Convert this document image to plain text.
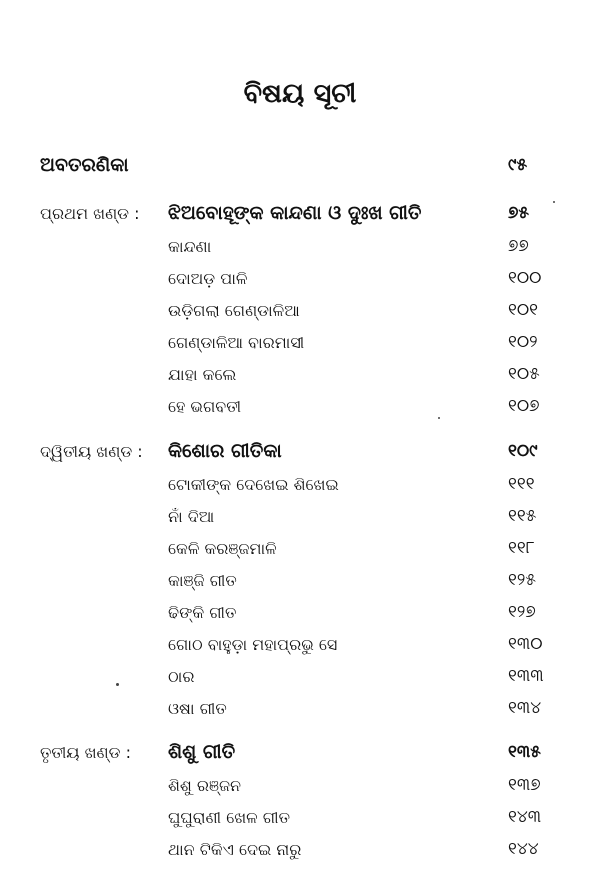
ବିଷୟ ସୂଚୀ
ଅବତରଣିକା	୯୫
ପ୍ରଥମ ଖଣ୍ଡ : ଝିଅବୋହୂଙ୍କ କାନ୍ଦଣା ଓ ଦୁଃଖ ଗୀତି	୭୫
କାନ୍ଦଣା	୭୭
ଦୋଅଡ଼ ପାଳି	୧୦୦
ଉଡ଼ିଗଲା ଗେଣ୍ଡାଳିଆ	୧୦୧
ଗେଣ୍ଡାଳିଆ ବାରମାସୀ	୧୦୨
ଯାହା କଲେ	୧୦୫
ହେ ଭଗବତୀ	୧୦୭
ଦ୍ୱିତୀୟ ଖଣ୍ଡ : କିଶୋର ଗୀତିକା	୧୦୯
ଟୋକୀଙ୍କ ଦେଖେଇ ଶିଖେଇ	୧୧୧
ନାଁ ଦିଆ	୧୧୫
କେଳି କରଞ୍ଜମାଳି	୧୧୮
କାଞ୍ଜି ଗୀତ	୧୨୫
ଢିଙ୍କି ଗୀତ	୧୨୭
ଗୋଠ ବାହୁଡ଼ା ମହାପ୍ରଭୁ ସେ	୧୩୦
ଠାର	୧୩୩
ଓଷା ଗୀତ	୧୩୪
ତୃତୀୟ ଖଣ୍ଡ : ଶିଶୁ ଗୀତି	୧୩୫
ଶିଶୁ ରଞ୍ଜନ	୧୩୭
ଘୁଘୁରାଣୀ ଖେଳ ଗୀତ	୧୪୩
ଥାନ ଟିକିଏ ଦେଇ ନାରୁ	୧୪୪
